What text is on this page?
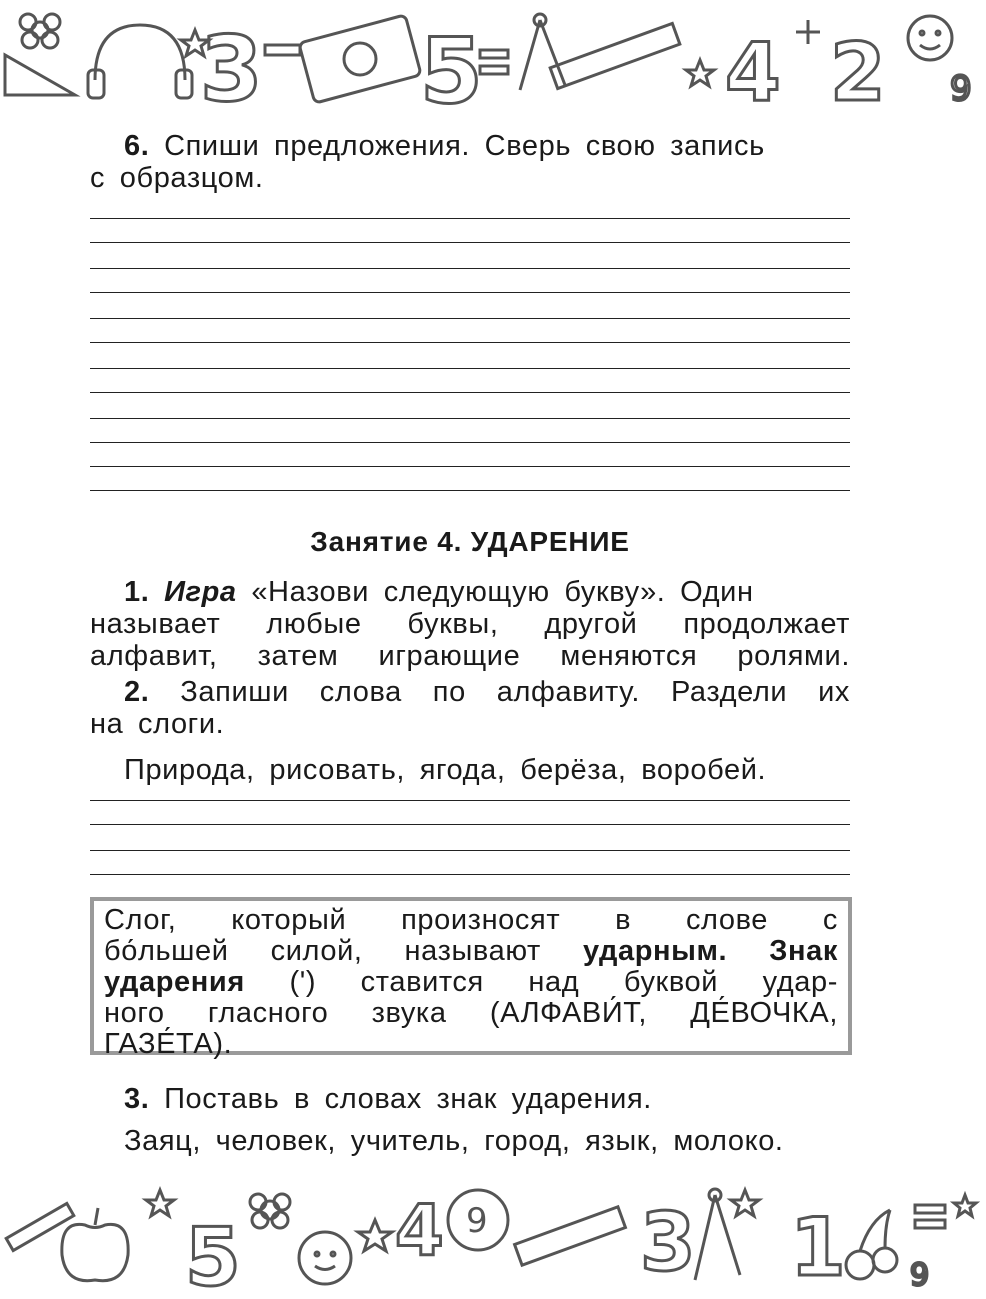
3 5	4 2 9

6. Спиши предложения. Сверь свою запись

с образцом.

Занятие 4. УДАРЕНИЕ

1. Игра «Назови следующую букву». Один

называет любые буквы, другой продолжает

алфавит, затем играющие меняются ролями.

2. Запиши слова по алфавиту. Раздели их

на слоги.

Природа, рисовать, ягода, берёза, воробей.

Слог, который произносят в слове с

бо́льшей силой, называют ударным. Знак

ударения (ʹ) ставится над буквой удар-

ного гласного звука (АЛФАВИ́Т, ДЕ́ВОЧКА,

ГАЗЕ́ТА).

3. Поставь в словах знак ударения.

Заяц, человек, учитель, город, язык, молоко.

5 4 9 3 1 9
